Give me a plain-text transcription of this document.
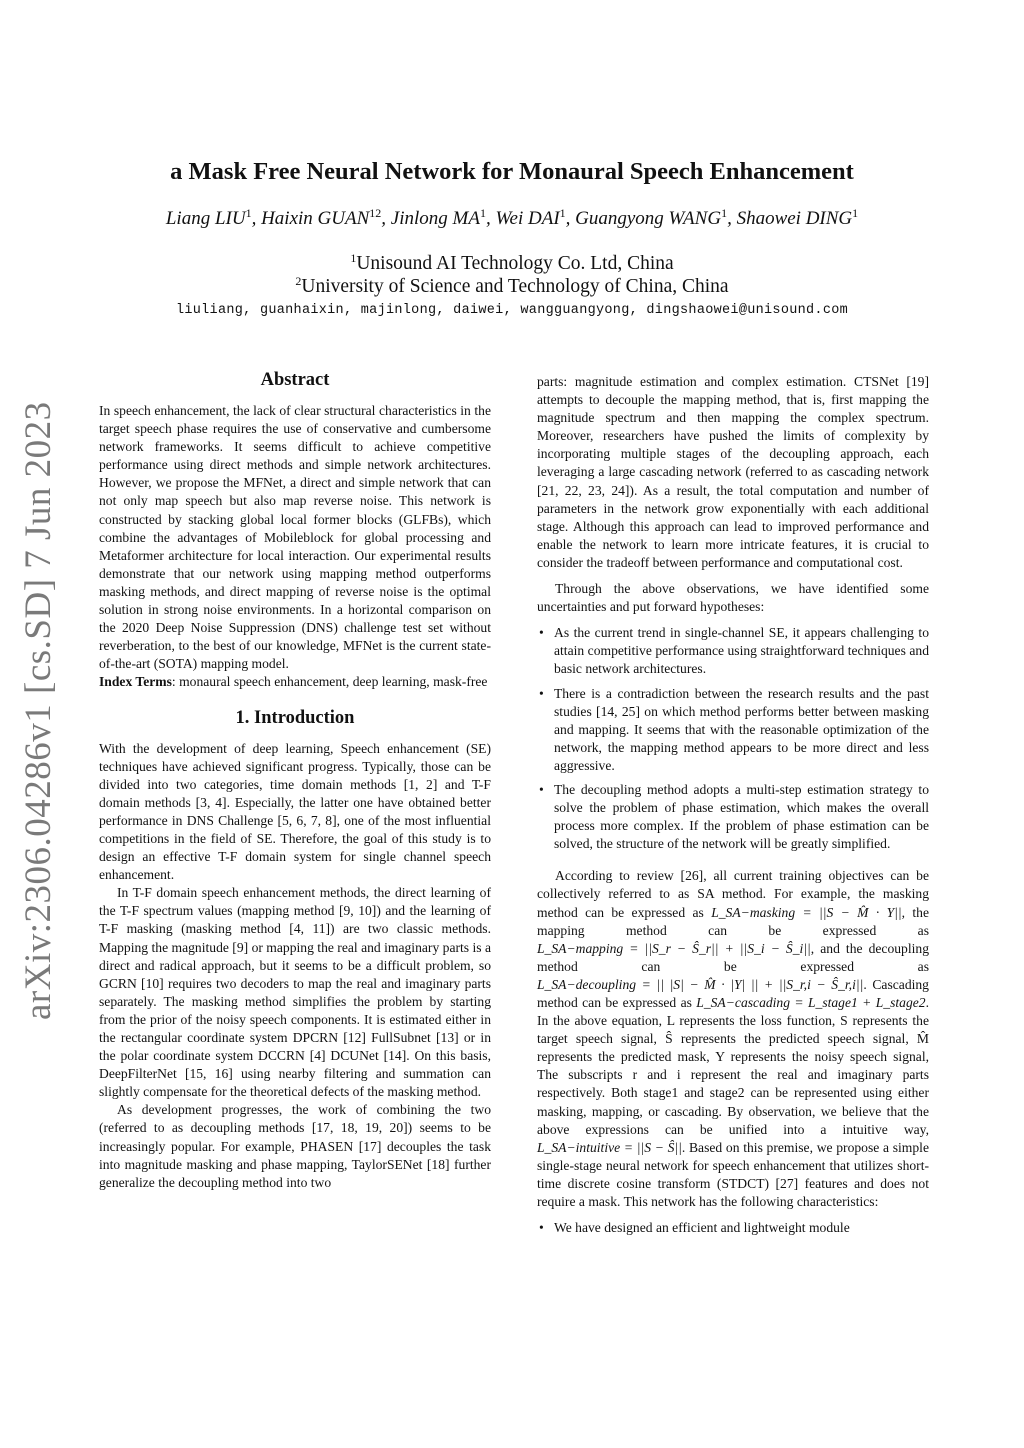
arXiv:2306.04286v1 [cs.SD] 7 Jun 2023
a Mask Free Neural Network for Monaural Speech Enhancement
Liang LIU$^1$, Haixin GUAN$^{12}$, Jinlong $MA^1$, Wei DAI$^1$, Guangyong WANG$^1$, Shaowei DING$^1$
$^1$Unisound AI Technology Co. Ltd, China
$^2$University of Science and Technology of China, China
liuliang, guanhaixin, majinlong, daiwei, wangguangyong, dingshaowei@unisound.com
Abstract

In speech enhancement, the lack of clear structural characteristics in the target speech phase requires the use of conservative and cumbersome network frameworks. It seems difficult to achieve competitive performance using direct methods and simple network architectures. However, we propose the MFNet, a direct and simple network that can not only map speech but also map reverse noise. This network is constructed by stacking global local former blocks (GLFBs), which combine the advantages of Mobileblock for global processing and Metaformer architecture for local interaction. Our experimental results demonstrate that our network using mapping method outperforms masking methods, and direct mapping of reverse noise is the optimal solution in strong noise environments. In a horizontal comparison on the 2020 Deep Noise Suppression (DNS) challenge test set without reverberation, to the best of our knowledge, MFNet is the current state-of-the-art (SOTA) mapping model.

Index Terms: monaural speech enhancement, deep learning, mask-free

1. Introduction

With the development of deep learning, Speech enhancement (SE) techniques have achieved significant progress. Typically, those can be divided into two categories, time domain methods [1, 2] and T-F domain methods [3, 4]. Especially, the latter one have obtained better performance in DNS Challenge [5, 6, 7, 8], one of the most influential competitions in the field of SE. Therefore, the goal of this study is to design an effective T-F domain system for single channel speech enhancement.

In T-F domain speech enhancement methods, the direct learning of the T-F spectrum values (mapping method [9, 10]) and the learning of T-F masking (masking method [4, 11]) are two classic methods. Mapping the magnitude [9] or mapping the real and imaginary parts is a direct and radical approach, but it seems to be a difficult problem, so GCRN [10] requires two decoders to map the real and imaginary parts separately. The masking method simplifies the problem by starting from the prior of the noisy speech components. It is estimated either in the rectangular coordinate system DPCRN [12] FullSubnet [13] or in the polar coordinate system DCCRN [4] DCUNet [14]. On this basis, DeepFilterNet [15, 16] using nearby filtering and summation can slightly compensate for the theoretical defects of the masking method.

As development progresses, the work of combining the two (referred to as decoupling methods [17, 18, 19, 20]) seems to be increasingly popular. For example, PHASEN [17] decouples the task into magnitude masking and phase mapping, TaylorSENet [18] further generalize the decoupling method into two

parts: magnitude estimation and complex estimation. CTSNet [19] attempts to decouple the mapping method, that is, first mapping the magnitude spectrum and then mapping the complex spectrum. Moreover, researchers have pushed the limits of complexity by incorporating multiple stages of the decoupling approach, each leveraging a large cascading network (referred to as cascading network [21, 22, 23, 24]). As a result, the total computation and number of parameters in the network grow exponentially with each additional stage. Although this approach can lead to improved performance and enable the network to learn more intricate features, it is crucial to consider the tradeoff between performance and computational cost.

Through the above observations, we have identified some uncertainties and put forward hypotheses:

• As the current trend in single-channel SE, it appears challenging to attain competitive performance using straightforward techniques and basic network architectures.
• There is a contradiction between the research results and the past studies [14, 25] on which method performs better between masking and mapping. It seems that with the reasonable optimization of the network, the mapping method appears to be more direct and less aggressive.
• The decoupling method adopts a multi-step estimation strategy to solve the problem of phase estimation, which makes the overall process more complex. If the problem of phase estimation can be solved, the structure of the network will be greatly simplified.

According to review [26], all current training objectives can be collectively referred to as SA method. For example, the masking method can be expressed as L_SA−masking = ||S − M̂ · Y||, the mapping method can be expressed as L_SA−mapping = ||S_r − Ŝ_r|| + ||S_i − Ŝ_i||, and the decoupling method can be expressed as L_SA−decoupling = || |S| − M̂ · |Y| || + ||S_r,i − Ŝ_r,i||. Cascading method can be expressed as L_SA−cascading = L_stage1 + L_stage2. In the above equation, L represents the loss function, S represents the target speech signal, Ŝ represents the predicted speech signal, M̂ represents the predicted mask, Y represents the noisy speech signal, The subscripts r and i represent the real and imaginary parts respectively. Both stage1 and stage2 can be represented using either masking, mapping, or cascading. By observation, we believe that the above expressions can be unified into a intuitive way, L_SA−intuitive = ||S − Ŝ||. Based on this premise, we propose a simple single-stage neural network for speech enhancement that utilizes short-time discrete cosine transform (STDCT) [27] features and does not require a mask. This network has the following characteristics:

• We have designed an efficient and lightweight module
